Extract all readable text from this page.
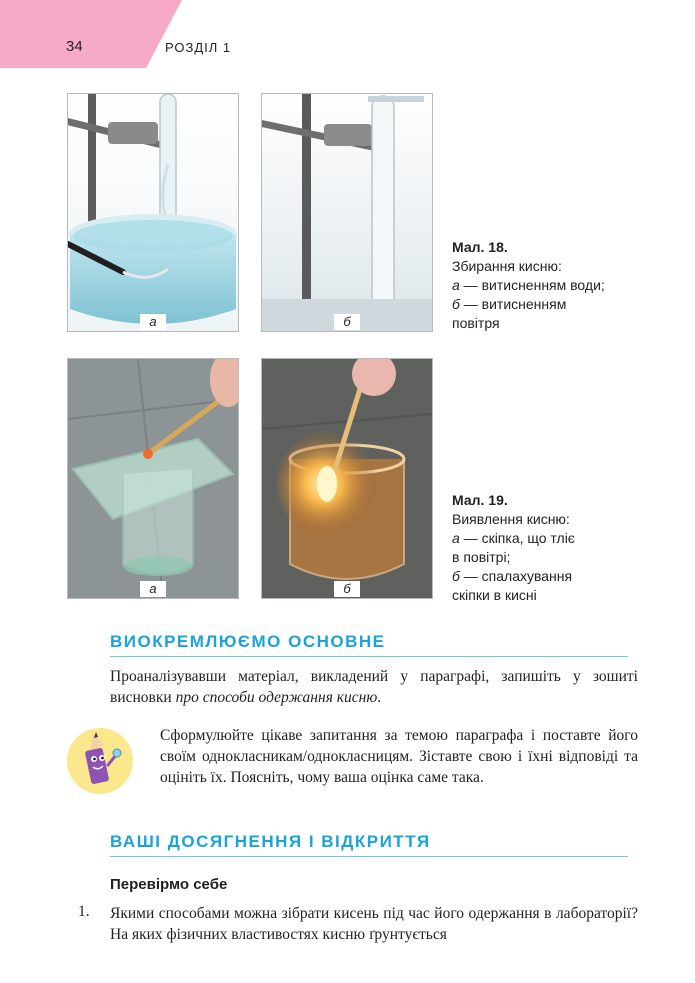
34	РОЗДІЛ 1
а	б
Мал. 18.
Збирання кисню:
а — витисненням води;
б — витисненням
повітря
а	б
Мал. 19.
Виявлення кисню:
а — скіпка, що тліє
в повітрі;
б — спалахування
скіпки в кисні
ВИОКРЕМЛЮЄМО ОСНОВНЕ
Проаналізувавши матеріал, викладений у параграфі, запишіть у зошиті висновки про способи одержання кисню.
Сформулюйте цікаве запитання за темою параграфа і поставте його своїм однокласникам/однокласницям. Зіставте свою і їхні відповіді та оцініть їх. Поясніть, чому ваша оцінка саме така.
ВАШІ ДОСЯГНЕННЯ І ВІДКРИТТЯ
Перевірмо себе
1. Якими способами можна зібрати кисень під час його одержання в лабораторії? На яких фізичних властивостях кисню ґрунтується
